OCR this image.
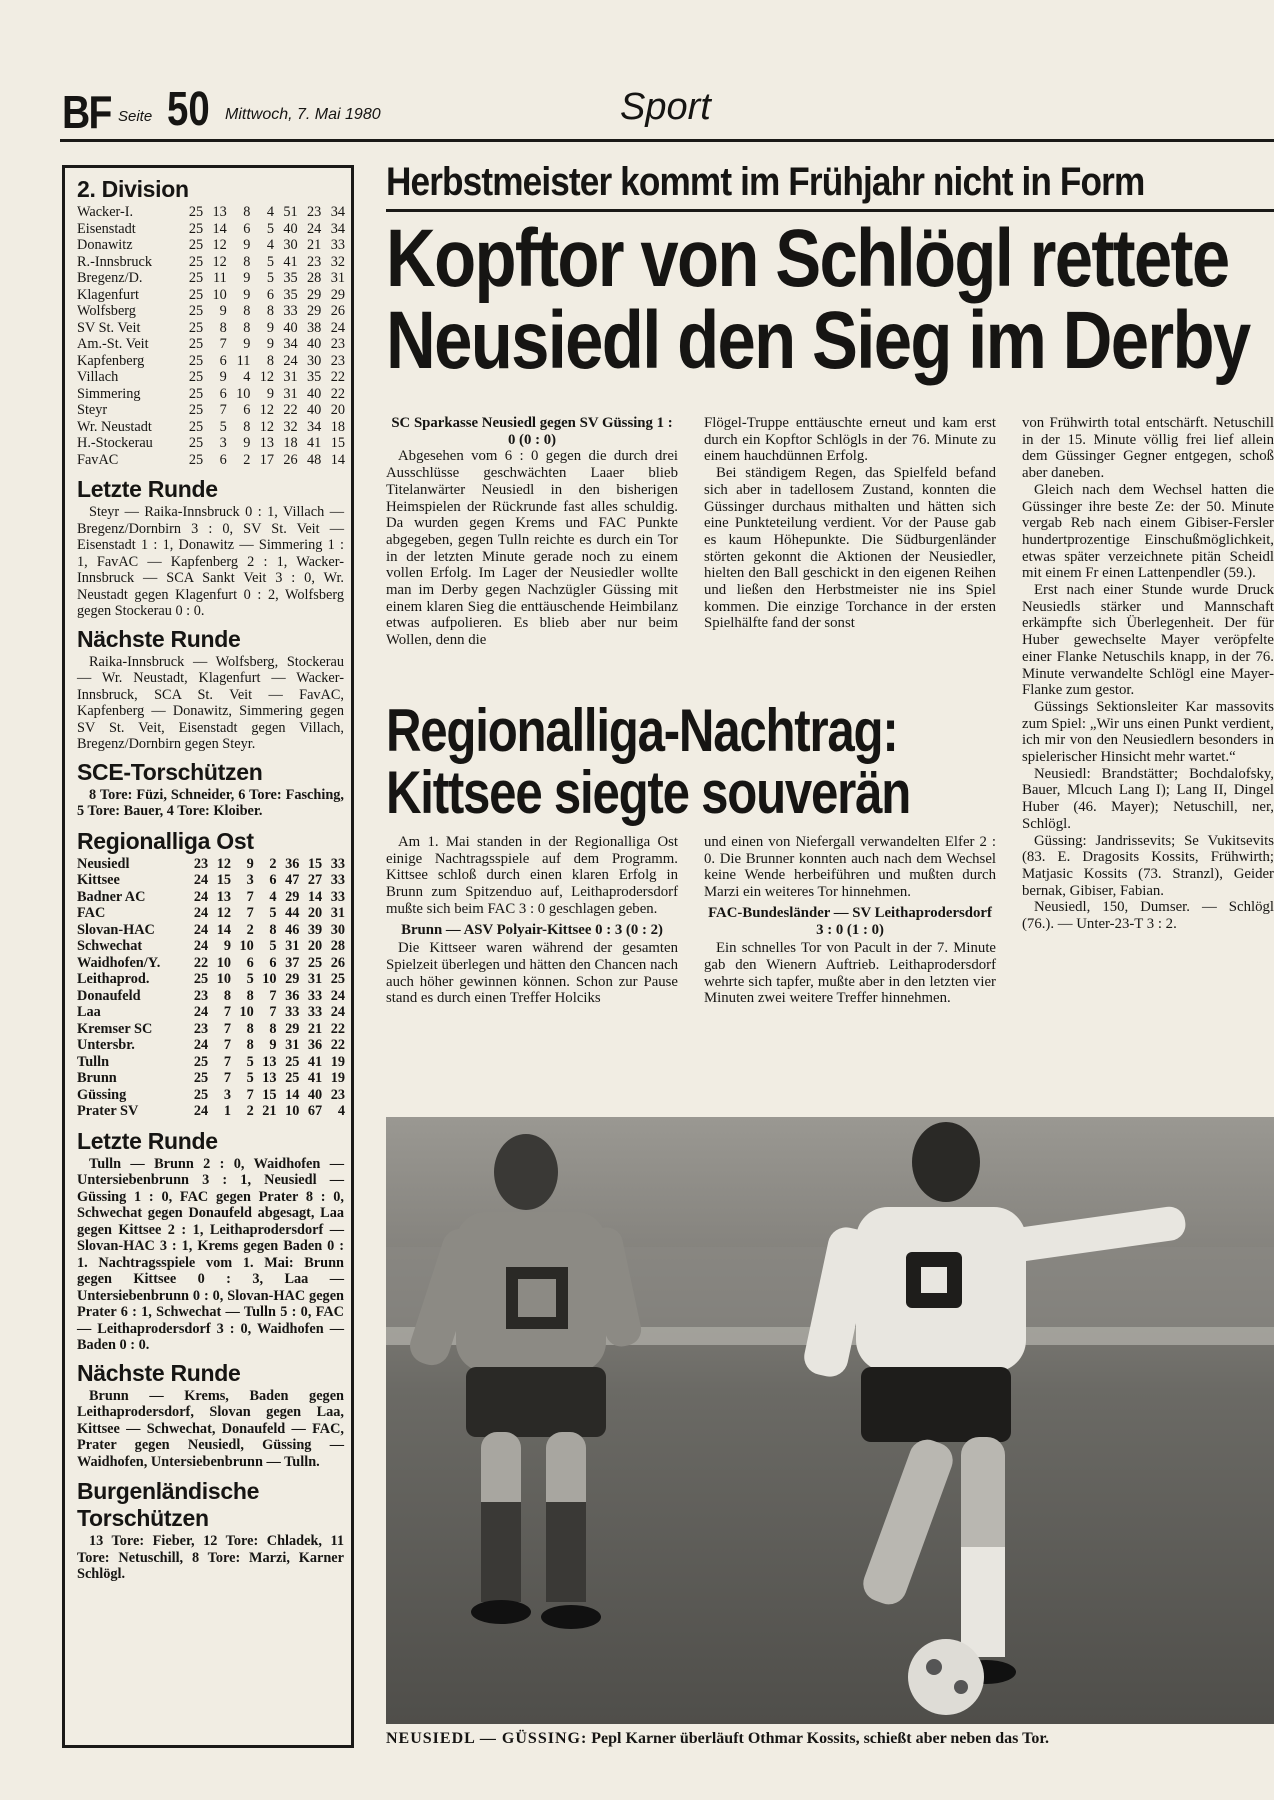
BF Seite 50 Mittwoch, 7. Mai 1980	Sport
2. Division
Wacker-I.	25	13	8	4	51	23	34
Eisenstadt	25	14	6	5	40	24	34
Donawitz	25	12	9	4	30	21	33
R.-Innsbruck	25	12	8	5	41	23	32
Bregenz/D.	25	11	9	5	35	28	31
Klagenfurt	25	10	9	6	35	29	29
Wolfsberg	25	9	8	8	33	29	26
SV St. Veit	25	8	8	9	40	38	24
Am.-St. Veit	25	7	9	9	34	40	23
Kapfenberg	25	6	11	8	24	30	23
Villach	25	9	4	12	31	35	22
Simmering	25	6	10	9	31	40	22
Steyr	25	7	6	12	22	40	20
Wr. Neustadt	25	5	8	12	32	34	18
H.-Stockerau	25	3	9	13	18	41	15
FavAC	25	6	2	17	26	48	14
Letzte Runde
Steyr — Raika-Innsbruck 0 : 1, Villach — Bregenz/Dornbirn 3 : 0, SV St. Veit — Eisenstadt 1 : 1, Donawitz — Simmering 1 : 1, FavAC — Kapfenberg 2 : 1, Wacker-Innsbruck — SCA Sankt Veit 3 : 0, Wr. Neustadt gegen Klagenfurt 0 : 2, Wolfsberg gegen Stockerau 0 : 0.
Nächste Runde
Raika-Innsbruck — Wolfsberg, Stockerau — Wr. Neustadt, Klagenfurt — Wacker-Innsbruck, SCA St. Veit — FavAC, Kapfenberg — Donawitz, Simmering gegen SV St. Veit, Eisenstadt gegen Villach, Bregenz/Dornbirn gegen Steyr.
SCE-Torschützen
8 Tore: Füzi, Schneider, 6 Tore: Fasching, 5 Tore: Bauer, 4 Tore: Kloiber.
Regionalliga Ost
Neusiedl	23	12	9	2	36	15	33
Kittsee	24	15	3	6	47	27	33
Badner AC	24	13	7	4	29	14	33
FAC	24	12	7	5	44	20	31
Slovan-HAC	24	14	2	8	46	39	30
Schwechat	24	9	10	5	31	20	28
Waidhofen/Y.	22	10	6	6	37	25	26
Leithaprod.	25	10	5	10	29	31	25
Donaufeld	23	8	8	7	36	33	24
Laa	24	7	10	7	33	33	24
Kremser SC	23	7	8	8	29	21	22
Untersbr.	24	7	8	9	31	36	22
Tulln	25	7	5	13	25	41	19
Brunn	25	7	5	13	25	41	19
Güssing	25	3	7	15	14	40	23
Prater SV	24	1	2	21	10	67	4
Letzte Runde
Tulln — Brunn 2 : 0, Waidhofen — Untersiebenbrunn 3 : 1, Neusiedl — Güssing 1 : 0, FAC gegen Prater 8 : 0, Schwechat gegen Donaufeld abgesagt, Laa gegen Kittsee 2 : 1, Leithaprodersdorf — Slovan-HAC 3 : 1, Krems gegen Baden 0 : 1. Nachtragsspiele vom 1. Mai: Brunn gegen Kittsee 0 : 3, Laa — Untersiebenbrunn 0 : 0, Slovan-HAC gegen Prater 6 : 1, Schwechat — Tulln 5 : 0, FAC — Leithaprodersdorf 3 : 0, Waidhofen — Baden 0 : 0.
Nächste Runde
Brunn — Krems, Baden gegen Leithaprodersdorf, Slovan gegen Laa, Kittsee — Schwechat, Donaufeld — FAC, Prater gegen Neusiedl, Güssing — Waidhofen, Untersiebenbrunn — Tulln.
Burgenländische
Torschützen
13 Tore: Fieber, 12 Tore: Chladek, 11 Tore: Netuschill, 8 Tore: Marzi, Karner Schlögl.
Herbstmeister kommt im Frühjahr nicht in Form
Kopftor von Schlögl rettete
Neusiedl den Sieg im Derby

SC Sparkasse Neusiedl gegen SV Güssing 1 : 0 (0 : 0)

Abgesehen vom 6 : 0 gegen die durch drei Ausschlüsse geschwächten Laaer blieb Titelanwärter Neusiedl in den bisherigen Heimspielen der Rückrunde fast alles schuldig. Da wurden gegen Krems und FAC Punkte abgegeben, gegen Tulln reichte es durch ein Tor in der letzten Minute gerade noch zu einem vollen Erfolg. Im Lager der Neusiedler wollte man im Derby gegen Nachzügler Güssing mit einem klaren Sieg die enttäuschende Heimbilanz etwas aufpolieren. Es blieb aber nur beim Wollen, denn die

Flögel-Truppe enttäuschte erneut und kam erst durch ein Kopftor Schlögls in der 76. Minute zu einem hauchdünnen Erfolg.

Bei ständigem Regen, das Spielfeld befand sich aber in tadellosem Zustand, konnten die Güssinger durchaus mithalten und hätten sich eine Punkteteilung verdient. Vor der Pause gab es kaum Höhepunkte. Die Südburgenländer störten gekonnt die Aktionen der Neusiedler, hielten den Ball geschickt in den eigenen Reihen und ließen den Herbstmeister nie ins Spiel kommen. Die einzige Torchance in der ersten Spielhälfte fand der sonst

von Frühwirth total entschärft. Netuschill in der 15. Minute völlig frei lief allein dem Güssinger Gegner entgegen, schoß aber daneben.

Gleich nach dem Wechsel hatten die Güssinger ihre beste Ze: der 50. Minute vergab Reb nach einem Gibiser-Fersler hundertprozentige Einschußmöglichkeit, etwas später verzeichnete pitän Scheidl mit einem Fr einen Lattenpendler (59.).

Erst nach einer Stunde wurde Druck Neusiedls stärker und Mannschaft erkämpfte sich Überlegenheit. Der für Huber gewechselte Mayer veröpfelte einer Flanke Netuschils knapp, in der 76. Minute verwandelte Schlögl eine Mayer-Flanke zum gestor.

Güssings Sektionsleiter Kar massovits zum Spiel: „Wir uns einen Punkt verdient, ich mir von den Neusiedlern besonders in spielerischer Hinsicht mehr wartet.“

Neusiedl: Brandstätter; Bochdalofsky, Bauer, Mlcuch Lang I); Lang II, Dingel Huber (46. Mayer); Netuschill, ner, Schlögl.

Güssing: Jandrissevits; Se Vukitsevits (83. E. Dragosits Kossits, Frühwirth; Matjasic Kossits (73. Stranzl), Geider bernak, Gibiser, Fabian.

Neusiedl, 150, Dumser. — Schlögl (76.). — Unter-23-T 3 : 2.

Regionalliga-Nachtrag:
Kittsee siegte souverän

Am 1. Mai standen in der Regionalliga Ost einige Nachtragsspiele auf dem Programm. Kittsee schloß durch einen klaren Erfolg in Brunn zum Spitzenduo auf, Leithaprodersdorf mußte sich beim FAC 3 : 0 geschlagen geben.

Brunn — ASV Polyair-Kittsee 0 : 3 (0 : 2)

Die Kittseer waren während der gesamten Spielzeit überlegen und hätten den Chancen nach auch höher gewinnen können. Schon zur Pause stand es durch einen Treffer Holciks

und einen von Niefergall verwandelten Elfer 2 : 0. Die Brunner konnten auch nach dem Wechsel keine Wende herbeiführen und mußten durch Marzi ein weiteres Tor hinnehmen.

FAC-Bundesländer — SV Leithaprodersdorf 3 : 0 (1 : 0)

Ein schnelles Tor von Pacult in der 7. Minute gab den Wienern Auftrieb. Leithaprodersdorf wehrte sich tapfer, mußte aber in den letzten vier Minuten zwei weitere Treffer hinnehmen.

NEUSIEDL — GÜSSING: Pepl Karner überläuft Othmar Kossits, schießt aber neben das Tor.
